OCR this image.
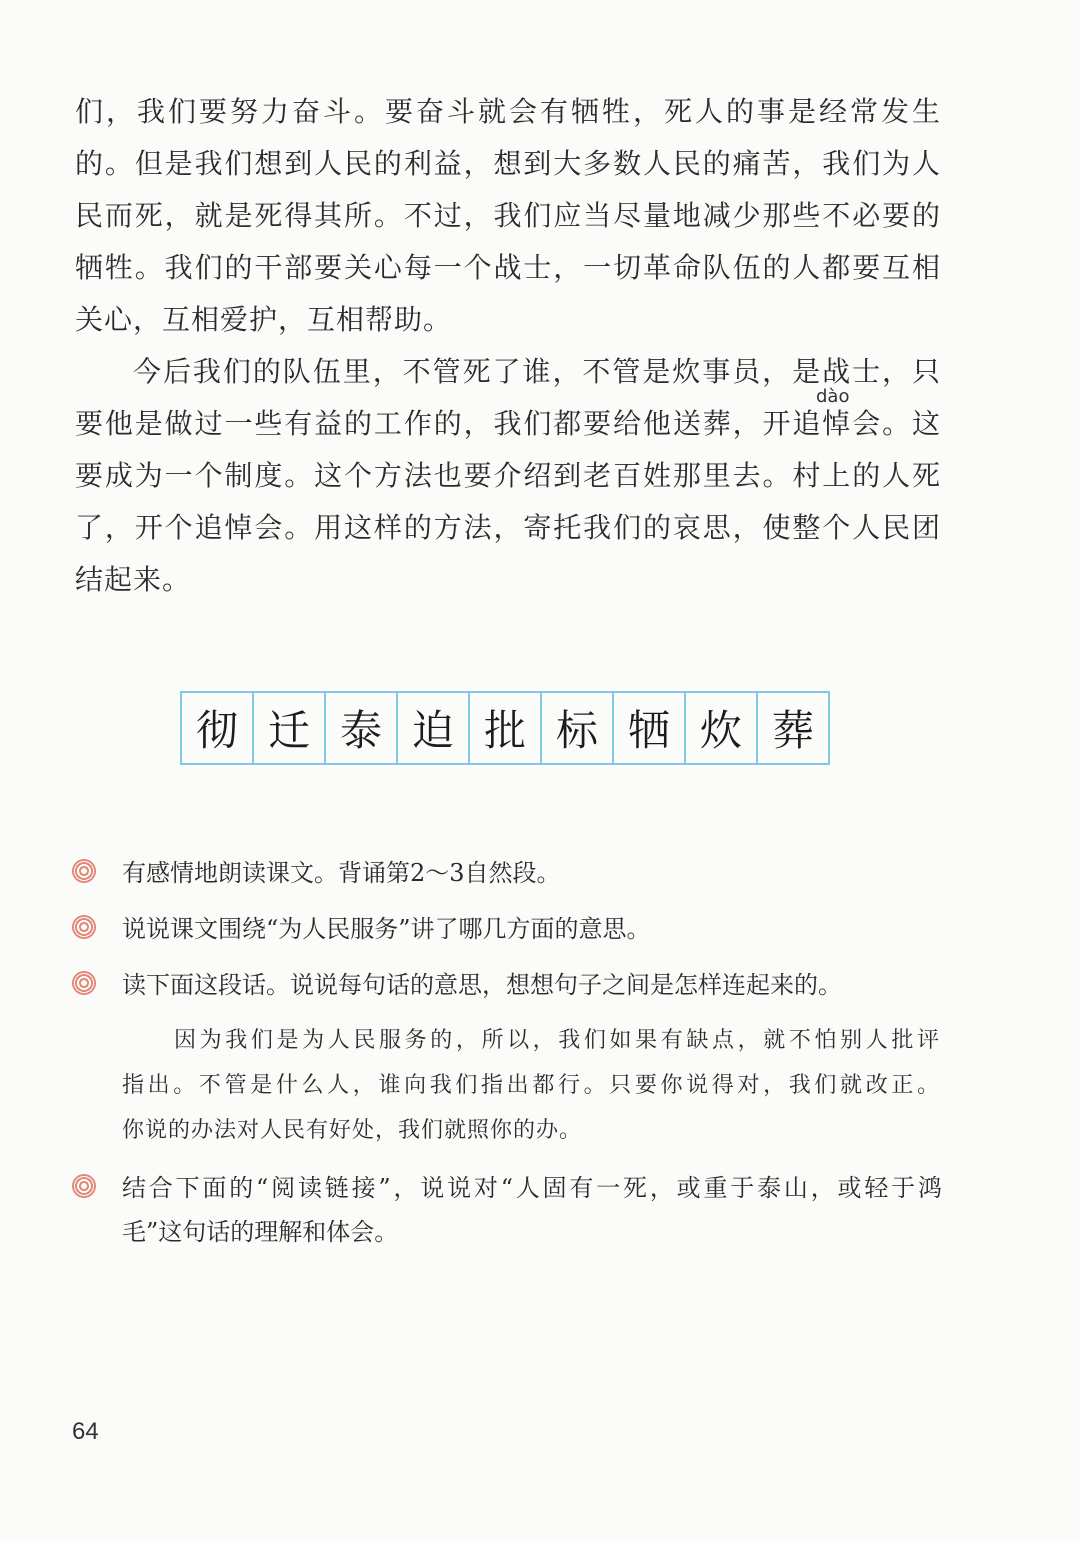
们，我们要努力奋斗。要奋斗就会有牺牲，死人的事是经常发生
的。但是我们想到人民的利益，想到大多数人民的痛苦，我们为人
民而死，就是死得其所。不过，我们应当尽量地减少那些不必要的
牺牲。我们的干部要关心每一个战士，一切革命队伍的人都要互相
关心，互相爱护，互相帮助。
今后我们的队伍里，不管死了谁，不管是炊事员，是战士，只
dào
要他是做过一些有益的工作的，我们都要给他送葬，开追悼会。这
要成为一个制度。这个方法也要介绍到老百姓那里去。村上的人死
了，开个追悼会。用这样的方法，寄托我们的哀思，使整个人民团
结起来。
彻 迁 泰 迫 批 标 牺 炊 葬
有感情地朗读课文。背诵第2～3自然段。
说说课文围绕“为人民服务”讲了哪几方面的意思。
读下面这段话。说说每句话的意思，想想句子之间是怎样连起来的。
因为我们是为人民服务的，所以，我们如果有缺点，就不怕别人批评
指出。不管是什么人，谁向我们指出都行。只要你说得对，我们就改正。
你说的办法对人民有好处，我们就照你的办。
结合下面的“阅读链接”，说说对“人固有一死，或重于泰山，或轻于鸿
毛”这句话的理解和体会。
64
